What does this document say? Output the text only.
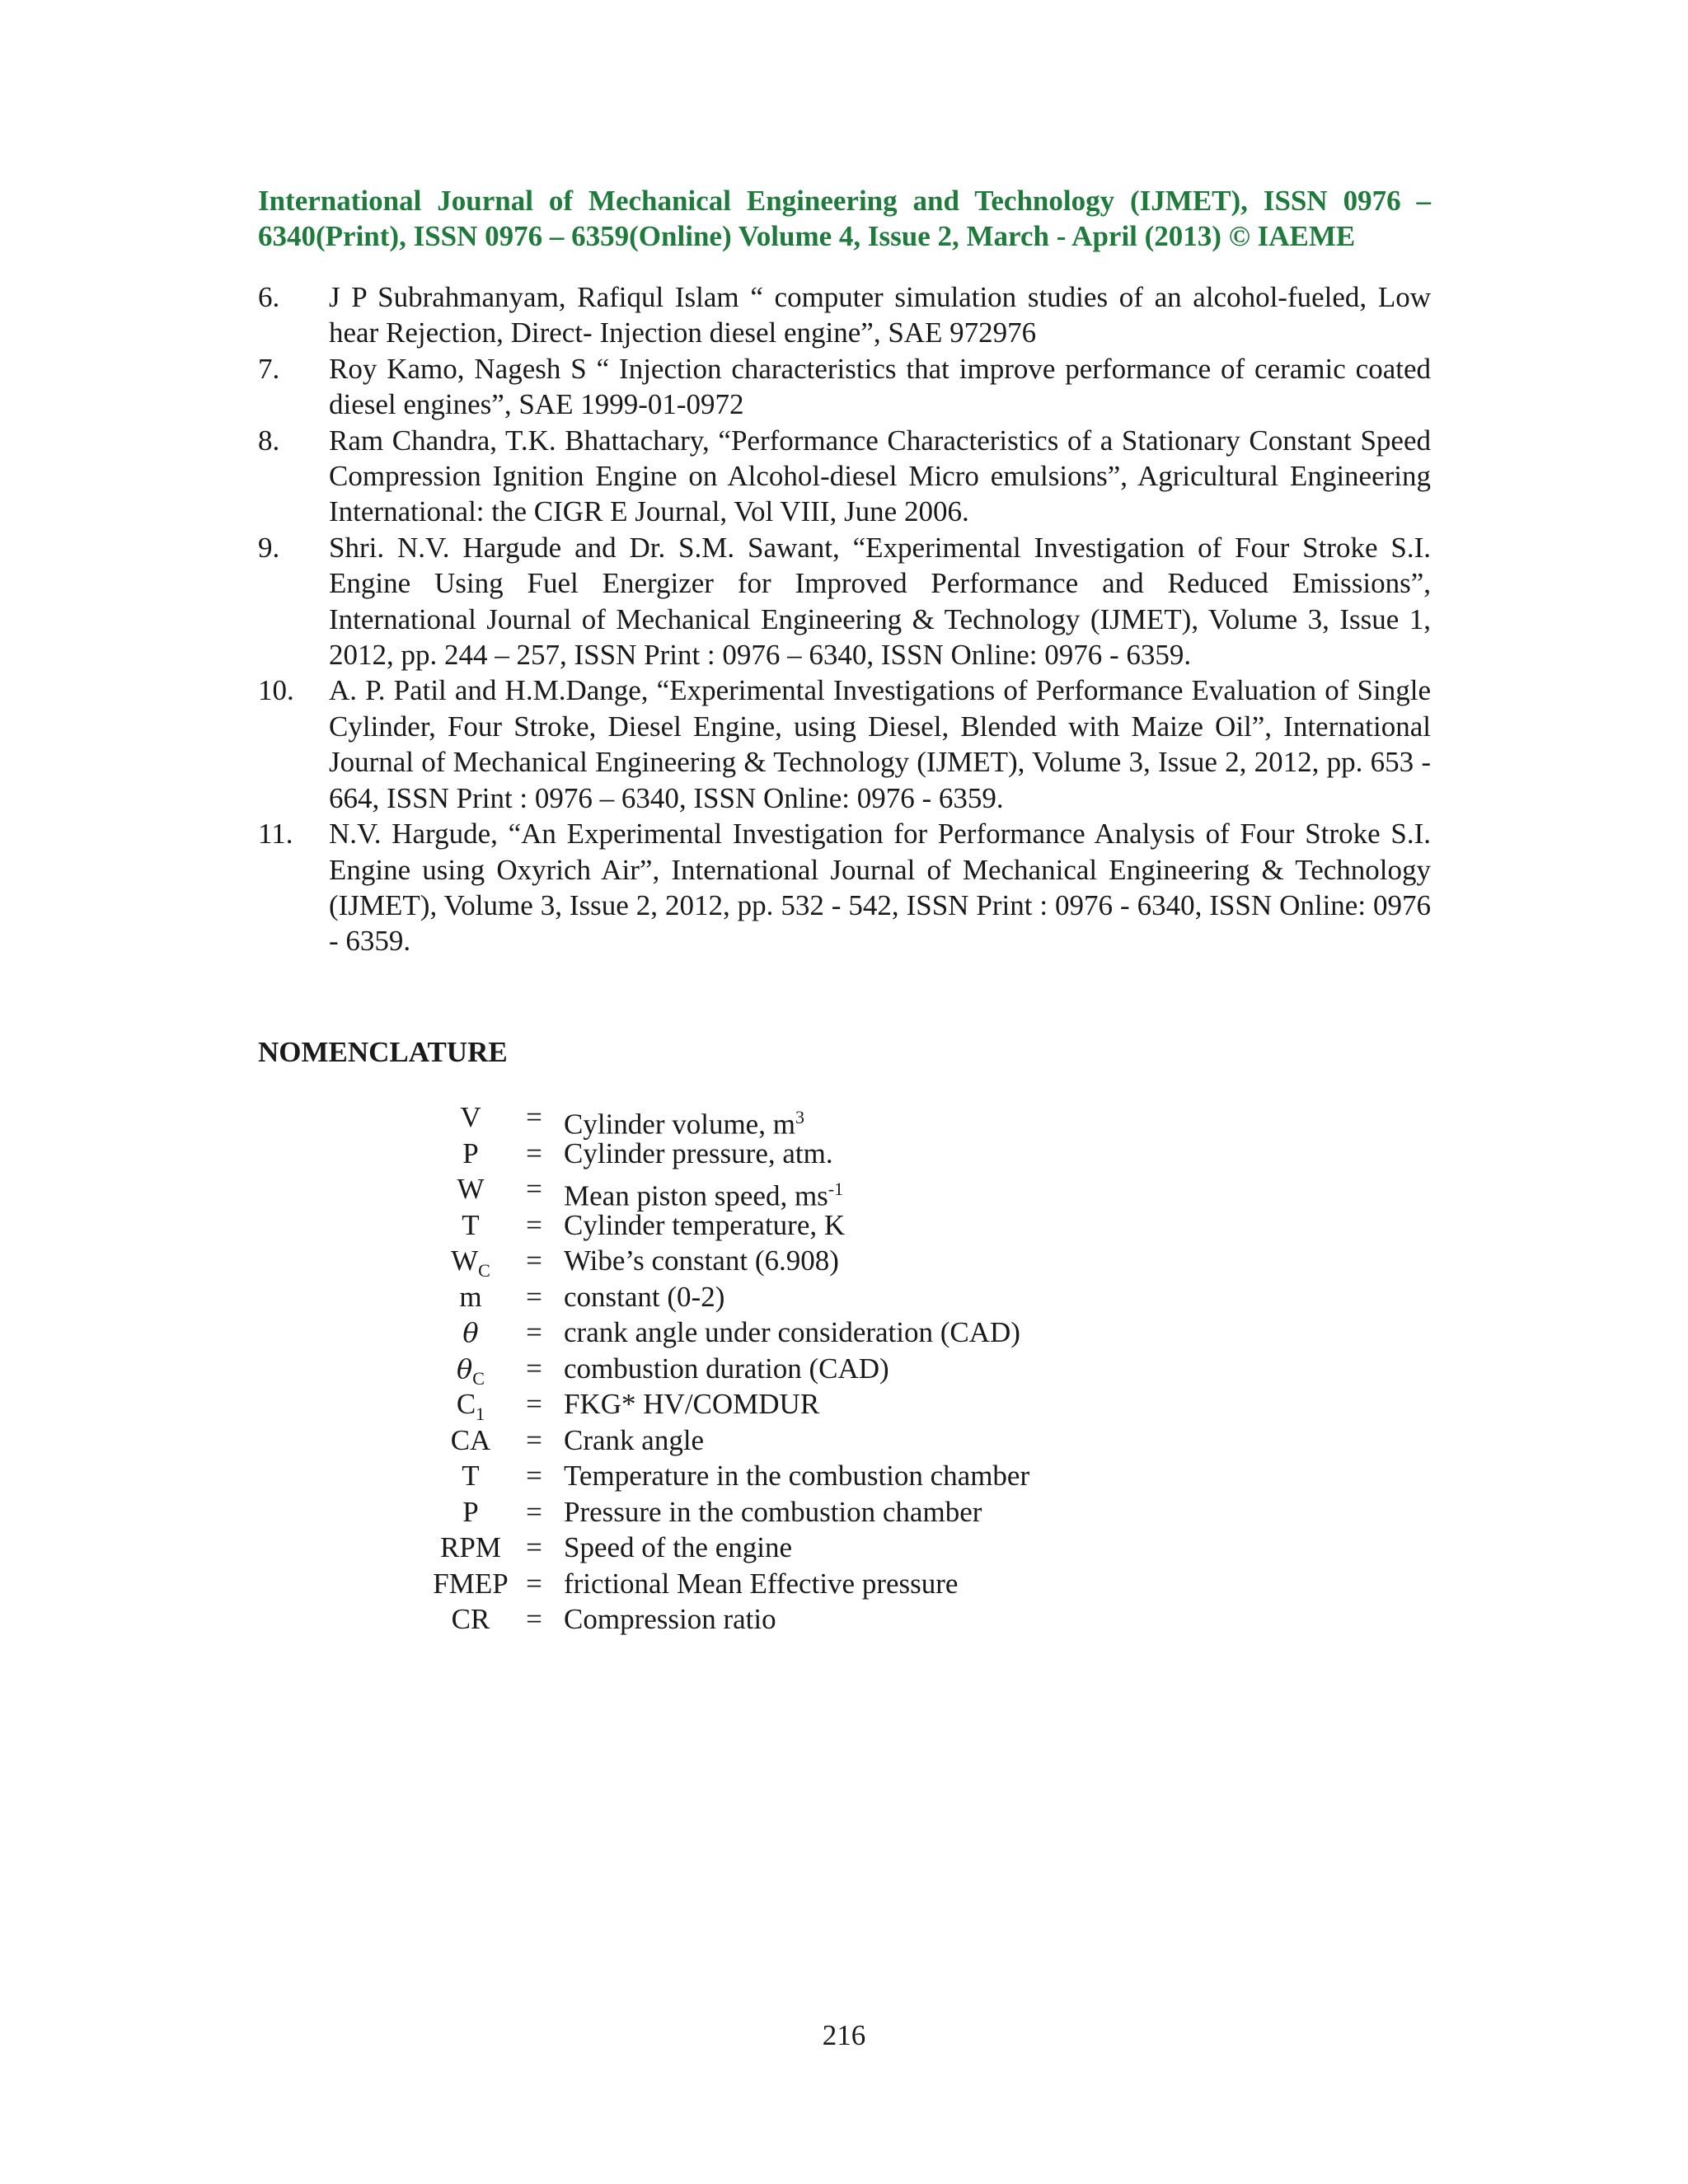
International Journal of Mechanical Engineering and Technology (IJMET), ISSN 0976 – 6340(Print), ISSN 0976 – 6359(Online) Volume 4, Issue 2, March - April (2013) © IAEME
6. J P Subrahmanyam, Rafiqul Islam “ computer simulation studies of an alcohol-fueled, Low hear Rejection, Direct- Injection diesel engine”, SAE 972976
7. Roy Kamo, Nagesh S “ Injection characteristics that improve performance of ceramic coated diesel engines”, SAE 1999-01-0972
8. Ram Chandra, T.K. Bhattachary, “Performance Characteristics of a Stationary Constant Speed Compression Ignition Engine on Alcohol-diesel Micro emulsions”, Agricultural Engineering International: the CIGR E Journal, Vol VIII, June 2006.
9. Shri. N.V. Hargude and Dr. S.M. Sawant, “Experimental Investigation of Four Stroke S.I. Engine Using Fuel Energizer for Improved Performance and Reduced Emissions”, International Journal of Mechanical Engineering & Technology (IJMET), Volume 3, Issue 1, 2012, pp. 244 – 257, ISSN Print : 0976 – 6340, ISSN Online: 0976 - 6359.
10. A. P. Patil and H.M.Dange, “Experimental Investigations of Performance Evaluation of Single Cylinder, Four Stroke, Diesel Engine, using Diesel, Blended with Maize Oil”, International Journal of Mechanical Engineering & Technology (IJMET), Volume 3, Issue 2, 2012, pp. 653 - 664, ISSN Print : 0976 – 6340, ISSN Online: 0976 - 6359.
11. N.V. Hargude, “An Experimental Investigation for Performance Analysis of Four Stroke S.I. Engine using Oxyrich Air”, International Journal of Mechanical Engineering & Technology (IJMET), Volume 3, Issue 2, 2012, pp. 532 - 542, ISSN Print : 0976 - 6340, ISSN Online: 0976 - 6359.
NOMENCLATURE
V	= Cylinder volume, $m^3$
P	= Cylinder pressure, atm.
W	= Mean piston speed, $ms^{-1}$
T	= Cylinder temperature, K
$W_C$	= Wibe’s constant (6.908)
m	= constant (0-2)
θ	= crank angle under consideration (CAD)
$\theta_C$	= combustion duration (CAD)
$C_1$	= FKG* HV/COMDUR
CA	= Crank angle
T	= Temperature in the combustion chamber
P	= Pressure in the combustion chamber
RPM = Speed of the engine
FMEP = frictional Mean Effective pressure
CR	= Compression ratio
216
